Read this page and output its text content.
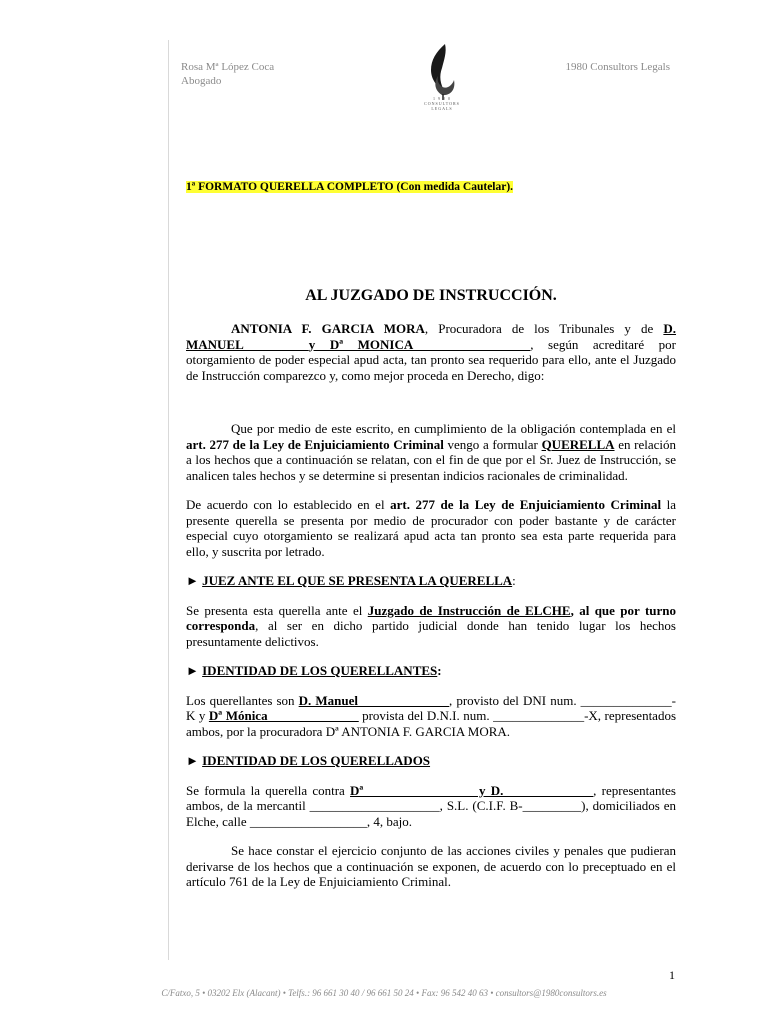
Rosa Mª López Coca
Abogado
1 9 8 0 CONSULTORS LEGALS
1980 Consultors Legals

1ª FORMATO QUERELLA COMPLETO (Con medida Cautelar).

AL JUZGADO DE INSTRUCCIÓN.

ANTONIA F. GARCIA MORA, Procuradora de los Tribunales y de D. MANUEL__________y Dª MONICA__________________, según acreditaré por otorgamiento de poder especial apud acta, tan pronto sea requerido para ello, ante el Juzgado de Instrucción comparezco y, como mejor proceda en Derecho, digo:

Que por medio de este escrito, en cumplimiento de la obligación contemplada en el art. 277 de la Ley de Enjuiciamiento Criminal vengo a formular QUERELLA en relación a los hechos que a continuación se relatan, con el fin de que por el Sr. Juez de Instrucción, se analicen tales hechos y se determine si presentan indicios racionales de criminalidad.

De acuerdo con lo establecido en el art. 277 de la Ley de Enjuiciamiento Criminal la presente querella se presenta por medio de procurador con poder bastante y de carácter especial cuyo otorgamiento se realizará apud acta tan pronto sea esta parte requerida para ello, y suscrita por letrado.

► JUEZ ANTE EL QUE SE PRESENTA LA QUERELLA:

Se presenta esta querella ante el Juzgado de Instrucción de ELCHE, al que por turno corresponda, al ser en dicho partido judicial donde han tenido lugar los hechos presuntamente delictivos.

► IDENTIDAD DE LOS QUERELLANTES:

Los querellantes son D. Manuel______________, provisto del DNI num. ______________-K y Dª Mónica______________ provista del D.N.I. num. ______________-X, representados ambos, por la procuradora Dª ANTONIA F. GARCIA MORA.

► IDENTIDAD DE LOS QUERELLADOS

Se formula la querella contra Dª_________________ y D. _____________, representantes ambos, de la mercantil ____________________, S.L. (C.I.F. B-_________), domiciliados en Elche, calle __________________, 4, bajo.

Se hace constar el ejercicio conjunto de las acciones civiles y penales que pudieran derivarse de los hechos que a continuación se exponen, de acuerdo con lo preceptuado en el artículo 761 de la Ley de Enjuiciamiento Criminal.

1
C/Fatxo, 5 • 03202 Elx (Alacant) • Telfs.: 96 661 30 40 / 96 661 50 24 • Fax: 96 542 40 63 • consultors@1980consultors.es
